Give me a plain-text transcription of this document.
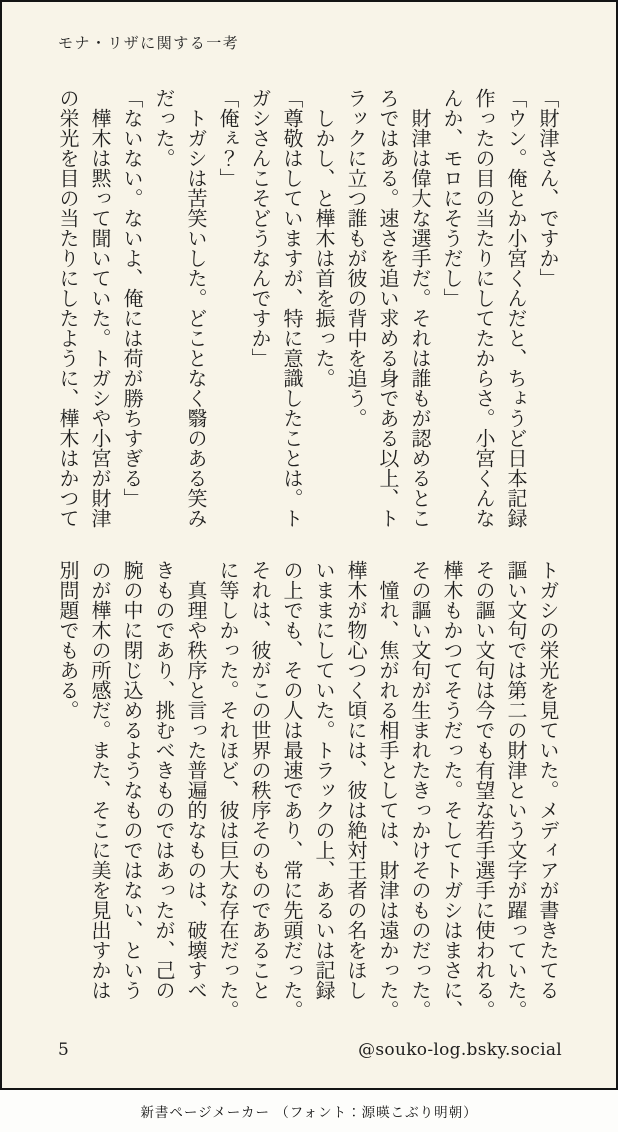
モナ・リザに関する一考
「財津さん、ですか」
「ウン。俺とか小宮くんだと、ちょうど日本記録
作ったの目の当たりにしてたからさ。小宮くんな
んか、モロにそうだし」
　財津は偉大な選手だ。それは誰もが認めるとこ
ろではある。速さを追い求める身である以上、ト
ラックに立つ誰もが彼の背中を追う。
　しかし、と樺木は首を振った。
「尊敬はしていますが、特に意識したことは。ト
ガシさんこそどうなんですか」
「俺ぇ？」
　トガシは苦笑いした。どことなく翳のある笑み
だった。
「ないない。ないよ、俺には荷が勝ちすぎる」
　樺木は黙って聞いていた。トガシや小宮が財津
の栄光を目の当たりにしたように、樺木はかつて
トガシの栄光を見ていた。メディアが書きたてる
謳い文句では第二の財津という文字が躍っていた。
その謳い文句は今でも有望な若手選手に使われる。
樺木もかつてそうだった。そしてトガシはまさに、
その謳い文句が生まれたきっかけそのものだった。
　憧れ、焦がれる相手としては、財津は遠かった。
樺木が物心つく頃には、彼は絶対王者の名をほし
いままにしていた。トラックの上、あるいは記録
の上でも、その人は最速であり、常に先頭だった。
それは、彼がこの世界の秩序そのものであること
に等しかった。それほど、彼は巨大な存在だった。
　真理や秩序と言った普遍的なものは、破壊すべ
きものであり、挑むべきものではあったが、己の
腕の中に閉じ込めるようなものではない、という
のが樺木の所感だ。また、そこに美を見出すかは
別問題でもある。
5	@souko-log.bsky.social
新書ページメーカー （フォント：源暎こぶり明朝）
